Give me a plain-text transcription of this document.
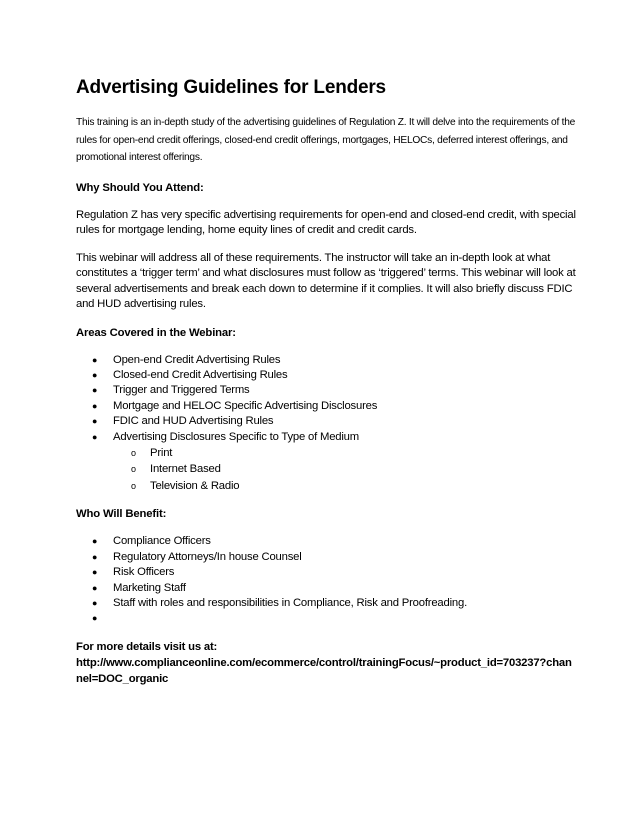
Advertising Guidelines for Lenders

This training is an in-depth study of the advertising guidelines of Regulation Z. It will delve into the requirements of the rules for open-end credit offerings, closed-end credit offerings, mortgages, HELOCs, deferred interest offerings, and promotional interest offerings.

Why Should You Attend:

Regulation Z has very specific advertising requirements for open-end and closed-end credit, with special rules for mortgage lending, home equity lines of credit and credit cards.

This webinar will address all of these requirements. The instructor will take an in-depth look at what constitutes a ‘trigger term’ and what disclosures must follow as ‘triggered’ terms. This webinar will look at several advertisements and break each down to determine if it complies. It will also briefly discuss FDIC and HUD advertising rules.

Areas Covered in the Webinar:
● Open-end Credit Advertising Rules
● Closed-end Credit Advertising Rules
● Trigger and Triggered Terms
● Mortgage and HELOC Specific Advertising Disclosures
● FDIC and HUD Advertising Rules
● Advertising Disclosures Specific to Type of Medium
o Print
o Internet Based
o Television & Radio
Who Will Benefit:
● Compliance Officers
● Regulatory Attorneys/In house Counsel
● Risk Officers
● Marketing Staff
● Staff with roles and responsibilities in Compliance, Risk and Proofreading.
●
For more details visit us at:
http://www.complianceonline.com/ecommerce/control/trainingFocus/~product_id=703237?channel=DOC_organic
